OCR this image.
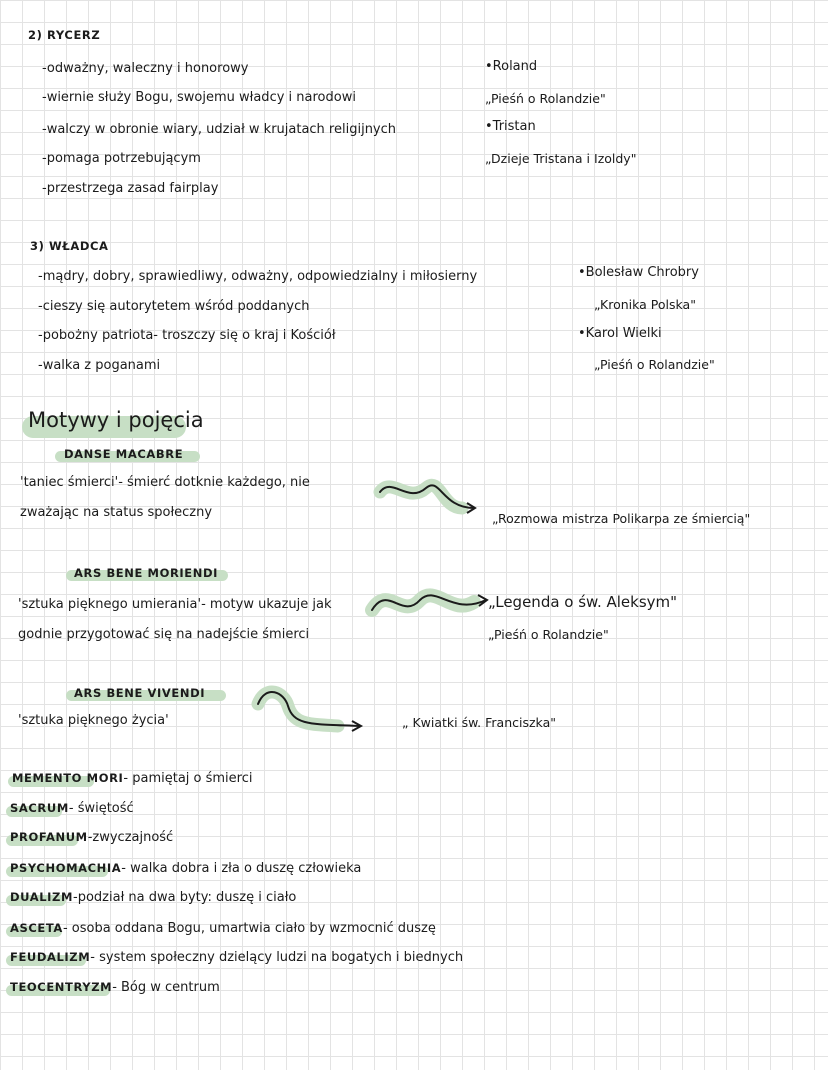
2) RYCERZ
-odważny, waleczny i honorowy
-wiernie służy Bogu, swojemu władcy i narodowi
-walczy w obronie wiary, udział w krujatach religijnych
-pomaga potrzebującym
-przestrzega zasad fairplay
•Roland
„Pieśń o Rolandzie"
•Tristan
„Dzieje Tristana i Izoldy"
3) WŁADCA
-mądry, dobry, sprawiedliwy, odważny, odpowiedzialny i miłosierny
-cieszy się autorytetem wśród poddanych
-pobożny patriota- troszczy się o kraj i Kościół
-walka z poganami
•Bolesław Chrobry
„Kronika Polska"
•Karol Wielki
„Pieśń o Rolandzie"
Motywy i pojęcia
DANSE MACABRE
'taniec śmierci'- śmierć dotknie każdego, nie
zważając na status społeczny	„Rozmowa mistrza Polikarpa ze śmiercią"
ARS BENE MORIENDI
'sztuka pięknego umierania'- motyw ukazuje jak
godnie przygotować się na nadejście śmierci
„Legenda o św. Aleksym"
„Pieśń o Rolandzie"
ARS BENE VIVENDI
'sztuka pięknego życia'	„ Kwiatki św. Franciszka"
MEMENTO MORI- pamiętaj o śmierci
SACRUM- świętość
PROFANUM-zwyczajność
PSYCHOMACHIA- walka dobra i zła o duszę człowieka
DUALIZM-podział na dwa byty: duszę i ciało
ASCETA- osoba oddana Bogu, umartwia ciało by wzmocnić duszę
FEUDALIZM- system społeczny dzielący ludzi na bogatych i biednych
TEOCENTRYZM- Bóg w centrum
